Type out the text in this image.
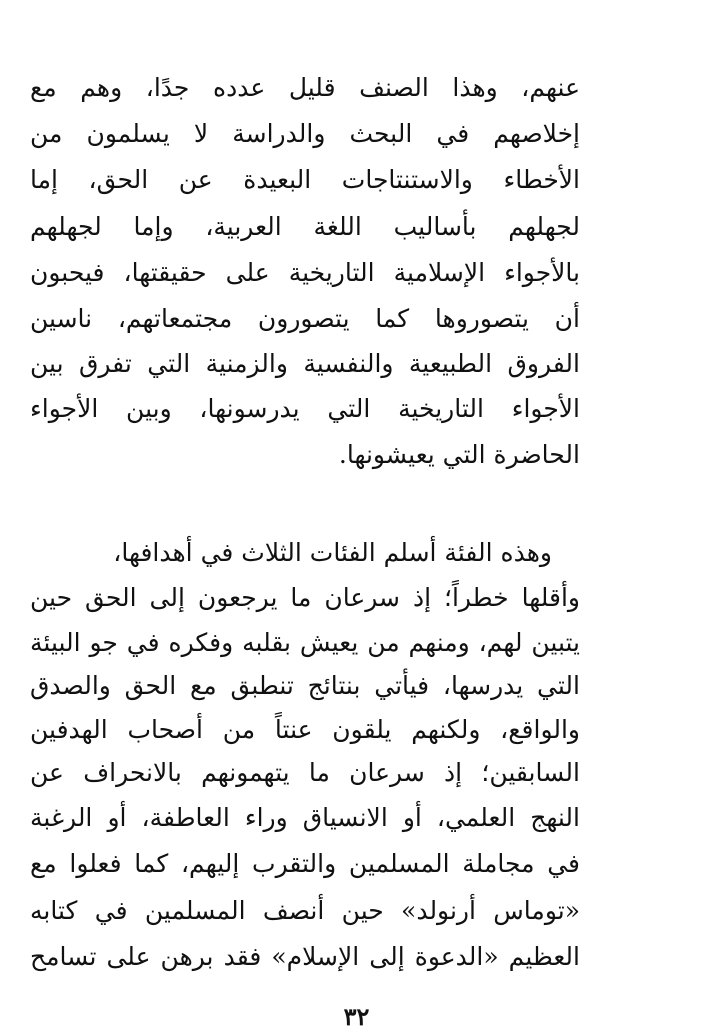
عنهم، وهذا الصنف قليل عدده جدًا، وهم مع
إخلاصهم في البحث والدراسة لا يسلمون من
الأخطاء والاستنتاجات البعيدة عن الحق، إما
لجهلهم بأساليب اللغة العربية، وإما لجهلهم
بالأجواء الإسلامية التاريخية على حقيقتها، فيحبون
أن يتصوروها كما يتصورون مجتمعاتهم، ناسين
الفروق الطبيعية والنفسية والزمنية التي تفرق بين
الأجواء التاريخية التي يدرسونها، وبين الأجواء
الحاضرة التي يعيشونها.
وهذه الفئة أسلم الفئات الثلاث في أهدافها،
وأقلها خطراً؛ إذ سرعان ما يرجعون إلى الحق حين
يتبين لهم، ومنهم من يعيش بقلبه وفكره في جو البيئة
التي يدرسها، فيأتي بنتائج تنطبق مع الحق والصدق
والواقع، ولكنهم يلقون عنتاً من أصحاب الهدفين
السابقين؛ إذ سرعان ما يتهمونهم بالانحراف عن
النهج العلمي، أو الانسياق وراء العاطفة، أو الرغبة
في مجاملة المسلمين والتقرب إليهم، كما فعلوا مع
«توماس أرنولد» حين أنصف المسلمين في كتابه
العظيم «الدعوة إلى الإسلام» فقد برهن على تسامح
٣٢
